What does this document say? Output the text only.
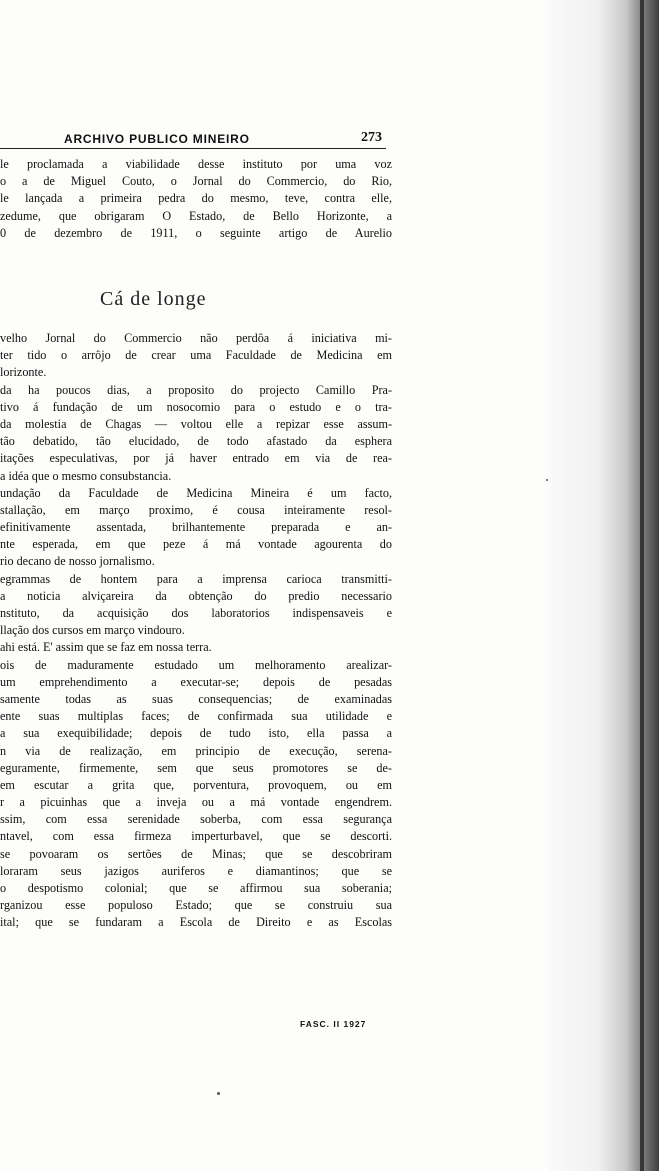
ARCHIVO PUBLICO MINEIRO	273
le proclamada a viabilidade desse instituto por uma voz
o a de Miguel Couto, o Jornal do Commercio, do Rio,
le lançada a primeira pedra do mesmo, teve, contra elle,
zedume, que obrigaram O Estado, de Bello Horizonte, a
0 de dezembro de 1911, o seguinte artigo de Aurelio
Cá de longe
velho Jornal do Commercio não perdôa á iniciativa mi-
ter tido o arrôjo de crear uma Faculdade de Medicina em
lorizonte.
da ha poucos dias, a proposito do projecto Camillo Pra-
tivo á fundação de um nosocomio para o estudo e o tra-
da molestia de Chagas — voltou elle a repizar esse assum-
tão debatido, tão elucidado, de todo afastado da esphera
itações especulativas, por já haver entrado em via de rea-
a idéa que o mesmo consubstancia.
undação da Faculdade de Medicina Mineira é um facto,
stallação, em março proximo, é cousa inteiramente resol-
efinitivamente assentada, brilhantemente preparada e an-
nte esperada, em que peze á má vontade agourenta do
rio decano de nosso jornalismo.
egrammas de hontem para a imprensa carioca transmitti-
a noticia alviçareira da obtenção do predio necessario
nstituto, da acquisição dos laboratorios indispensaveis e
llação dos cursos em março vindouro.
ahi está. E' assim que se faz em nossa terra.
ois de maduramente estudado um melhoramento arealizar-
um emprehendimento a executar-se; depois de pesadas
samente todas as suas consequencias; de examinadas
ente suas multiplas faces; de confirmada sua utilidade e
a sua exequibilidade; depois de tudo isto, ella passa a
n via de realização, em principio de execução, serena-
eguramente, firmemente, sem que seus promotores se de-
em escutar a grita que, porventura, provoquem, ou em
r a picuinhas que a inveja ou a má vontade engendrem.
ssim, com essa serenidade soberba, com essa segurança
ntavel, com essa firmeza imperturbavel, que se descorti.
se povoaram os sertões de Minas; que se descobriram
loraram seus jazigos auriferos e diamantinos; que se
o despotismo colonial; que se affirmou sua soberania;
rganizou esse populoso Estado; que se construiu sua
ital; que se fundaram a Escola de Direito e as Escolas
FASC. II 1927
